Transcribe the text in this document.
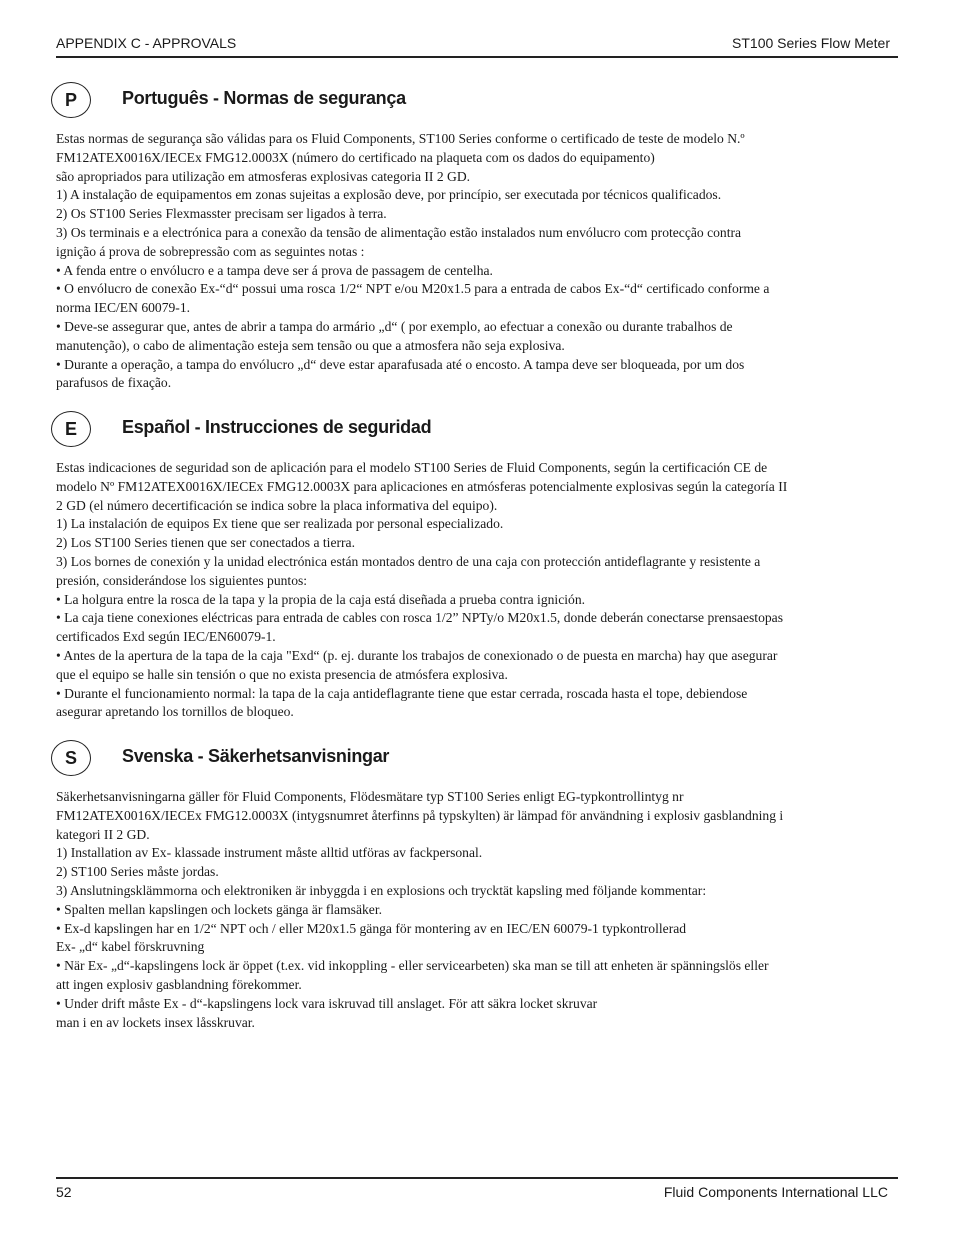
APPENDIX C - APPROVALS	ST100 Series Flow Meter
P	Português - Normas de segurança

Estas normas de segurança são válidas para os Fluid Components, ST100 Series conforme o certificado de teste de modelo N.º

FM12ATEX0016X/IECEx FMG12.0003X (número do certificado na plaqueta com os dados do equipamento)

são apropriados para utilização em atmosferas explosivas categoria II 2 GD.

1) A instalação de equipamentos em zonas sujeitas a explosão deve, por princípio, ser executada por técnicos qualificados.

2) Os ST100 Series Flexmasster precisam ser ligados à terra.

3) Os terminais e a electrónica para a conexão da tensão de alimentação estão instalados num envólucro com protecção contra

ignição á prova de sobrepressão com as seguintes notas :

• A fenda entre o envólucro e a tampa deve ser á prova de passagem de centelha.

• O envólucro de conexão Ex-“d“ possui uma rosca 1/2“ NPT e/ou M20x1.5 para a entrada de cabos Ex-“d“ certificado conforme a

norma IEC/EN 60079-1.

• Deve-se assegurar que, antes de abrir a tampa do armário „d“ ( por exemplo, ao efectuar a conexão ou durante trabalhos de

manutenção), o cabo de alimentação esteja sem tensão ou que a atmosfera não seja explosiva.

• Durante a operação, a tampa do envólucro „d“ deve estar aparafusada até o encosto. A tampa deve ser bloqueada, por um dos

parafusos de fixação.

E	Español - Instrucciones de seguridad

Estas indicaciones de seguridad son de aplicación para el modelo ST100 Series de Fluid Components, según la certificación CE de

modelo Nº FM12ATEX0016X/IECEx FMG12.0003X para aplicaciones en atmósferas potencialmente explosivas según la categoría II

2 GD (el número decertificación se indica sobre la placa informativa del equipo).

1) La instalación de equipos Ex tiene que ser realizada por personal especializado.

2) Los ST100 Series tienen que ser conectados a tierra.

3) Los bornes de conexión y la unidad electrónica están montados dentro de una caja con protección antideflagrante y resistente a

presión, considerándose los siguientes puntos:

• La holgura entre la rosca de la tapa y la propia de la caja está diseñada a prueba contra ignición.

• La caja tiene conexiones eléctricas para entrada de cables con rosca 1/2” NPTy/o M20x1.5, donde deberán conectarse prensaestopas

certificados Exd según IEC/EN60079-1.

• Antes de la apertura de la tapa de la caja "Exd“ (p. ej. durante los trabajos de conexionado o de puesta en marcha) hay que asegurar

que el equipo se halle sin tensión o que no exista presencia de atmósfera explosiva.

• Durante el funcionamiento normal: la tapa de la caja antideflagrante tiene que estar cerrada, roscada hasta el tope, debiendose

asegurar apretando los tornillos de bloqueo.

S	Svenska - Säkerhetsanvisningar

Säkerhetsanvisningarna gäller för Fluid Components, Flödesmätare typ ST100 Series enligt EG-typkontrollintyg nr

FM12ATEX0016X/IECEx FMG12.0003X (intygsnumret återfinns på typskylten) är lämpad för användning i explosiv gasblandning i

kategori II 2 GD.

1) Installation av Ex- klassade instrument måste alltid utföras av fackpersonal.

2) ST100 Series måste jordas.

3) Anslutningsklämmorna och elektroniken är inbyggda i en explosions och trycktät kapsling med följande kommentar:

• Spalten mellan kapslingen och lockets gänga är flamsäker.

• Ex-d kapslingen har en 1/2“ NPT och / eller M20x1.5 gänga för montering av en IEC/EN 60079-1 typkontrollerad

Ex- „d“ kabel förskruvning

• När Ex- „d“-kapslingens lock är öppet (t.ex. vid inkoppling - eller servicearbeten) ska man se till att enheten är spänningslös eller

att ingen explosiv gasblandning förekommer.

• Under drift måste Ex - d“-kapslingens lock vara iskruvad till anslaget. För att säkra locket skruvar

man i en av lockets insex låsskruvar.

52	Fluid Components International LLC
